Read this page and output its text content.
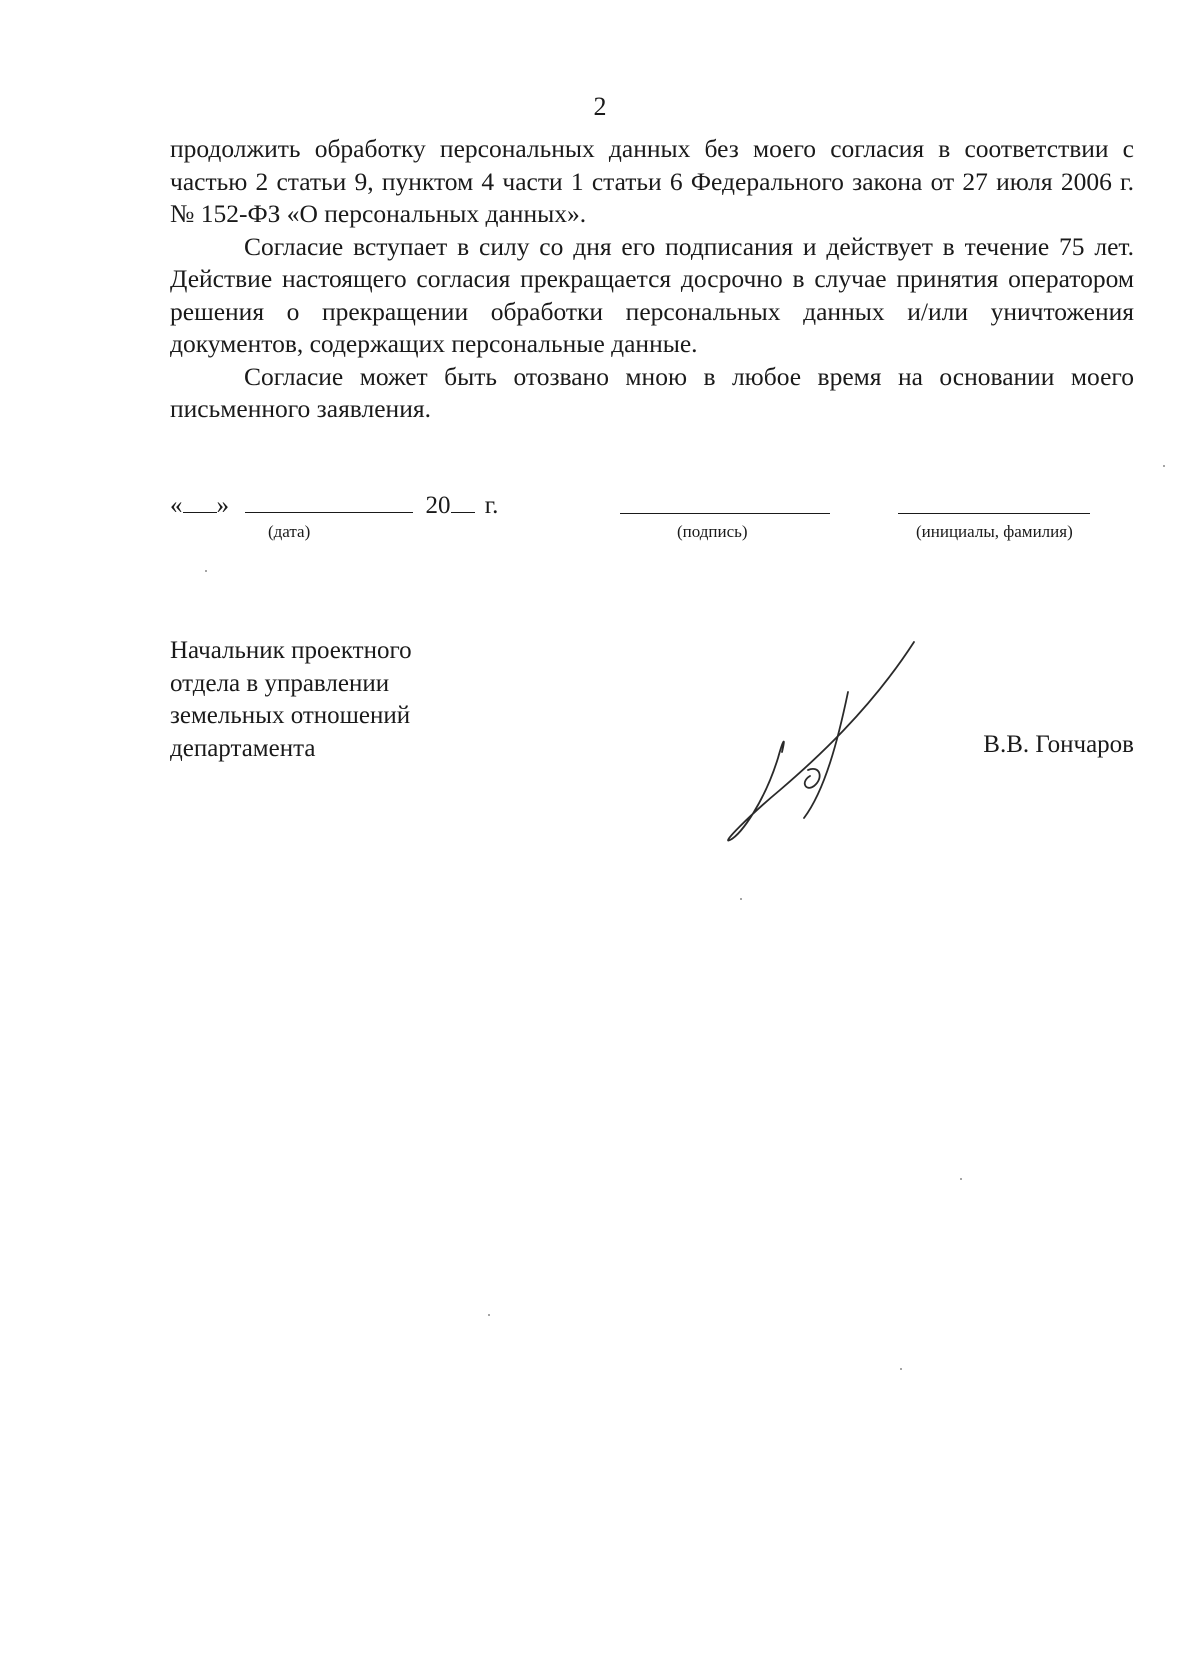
2

продолжить обработку персональных данных без моего согласия в соответствии с частью 2 статьи 9, пунктом 4 части 1 статьи 6 Федерального закона от 27 июля 2006 г. № 152-ФЗ «О персональных данных».

Согласие вступает в силу со дня его подписания и действует в течение 75 лет. Действие настоящего согласия прекращается досрочно в случае принятия оператором решения о прекращении обработки персональных данных и/или уничтожения документов, содержащих персональные данные.

Согласие может быть отозвано мною в любое время на основании моего письменного заявления.

« »	20 г.
(дата)	(подпись)	(инициалы, фамилия)
Начальник проектного
отдела в управлении
земельных отношений
департамента	В.В. Гончаров
